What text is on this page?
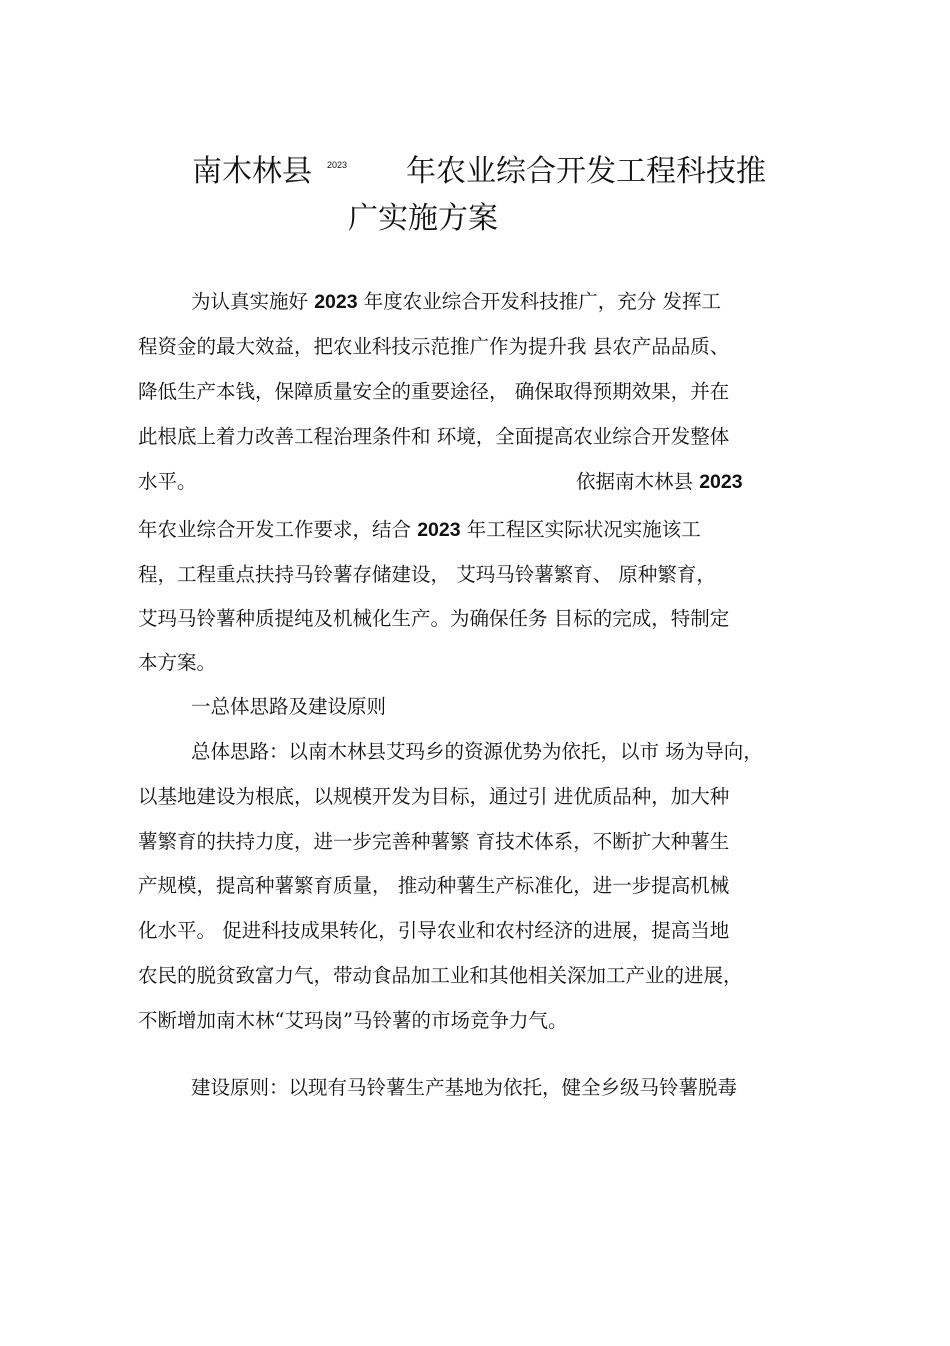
南木林县 2023 年农业综合开发工程科技推
广实施方案
为认真实施好 2023 年度农业综合开发科技推广，充分 发挥工
程资金的最大效益，把农业科技示范推广作为提升我 县农产品品质、
降低生产本钱，保障质量安全的重要途径， 确保取得预期效果，并在
此根底上着力改善工程治理条件和 环境，全面提高农业综合开发整体
水平。	依据南木林县 2023
年农业综合开发工作要求，结合 2023 年工程区实际状况实施该工
程，工程重点扶持马铃薯存储建设， 艾玛马铃薯繁育、 原种繁育，
艾玛马铃薯种质提纯及机械化生产。为确保任务 目标的完成，特制定
本方案。
一总体思路及建设原则
总体思路：以南木林县艾玛乡的资源优势为依托，以市 场为导向，
以基地建设为根底，以规模开发为目标，通过引 进优质品种，加大种
薯繁育的扶持力度，进一步完善种薯繁 育技术体系，不断扩大种薯生
产规模，提高种薯繁育质量， 推动种薯生产标准化，进一步提高机械
化水平。 促进科技成果转化，引导农业和农村经济的进展，提高当地
农民的脱贫致富力气，带动食品加工业和其他相关深加工产业的进展，
不断增加南木林“艾玛岗”马铃薯的市场竞争力气。
建设原则：以现有马铃薯生产基地为依托，健全乡级马铃薯脱毒
